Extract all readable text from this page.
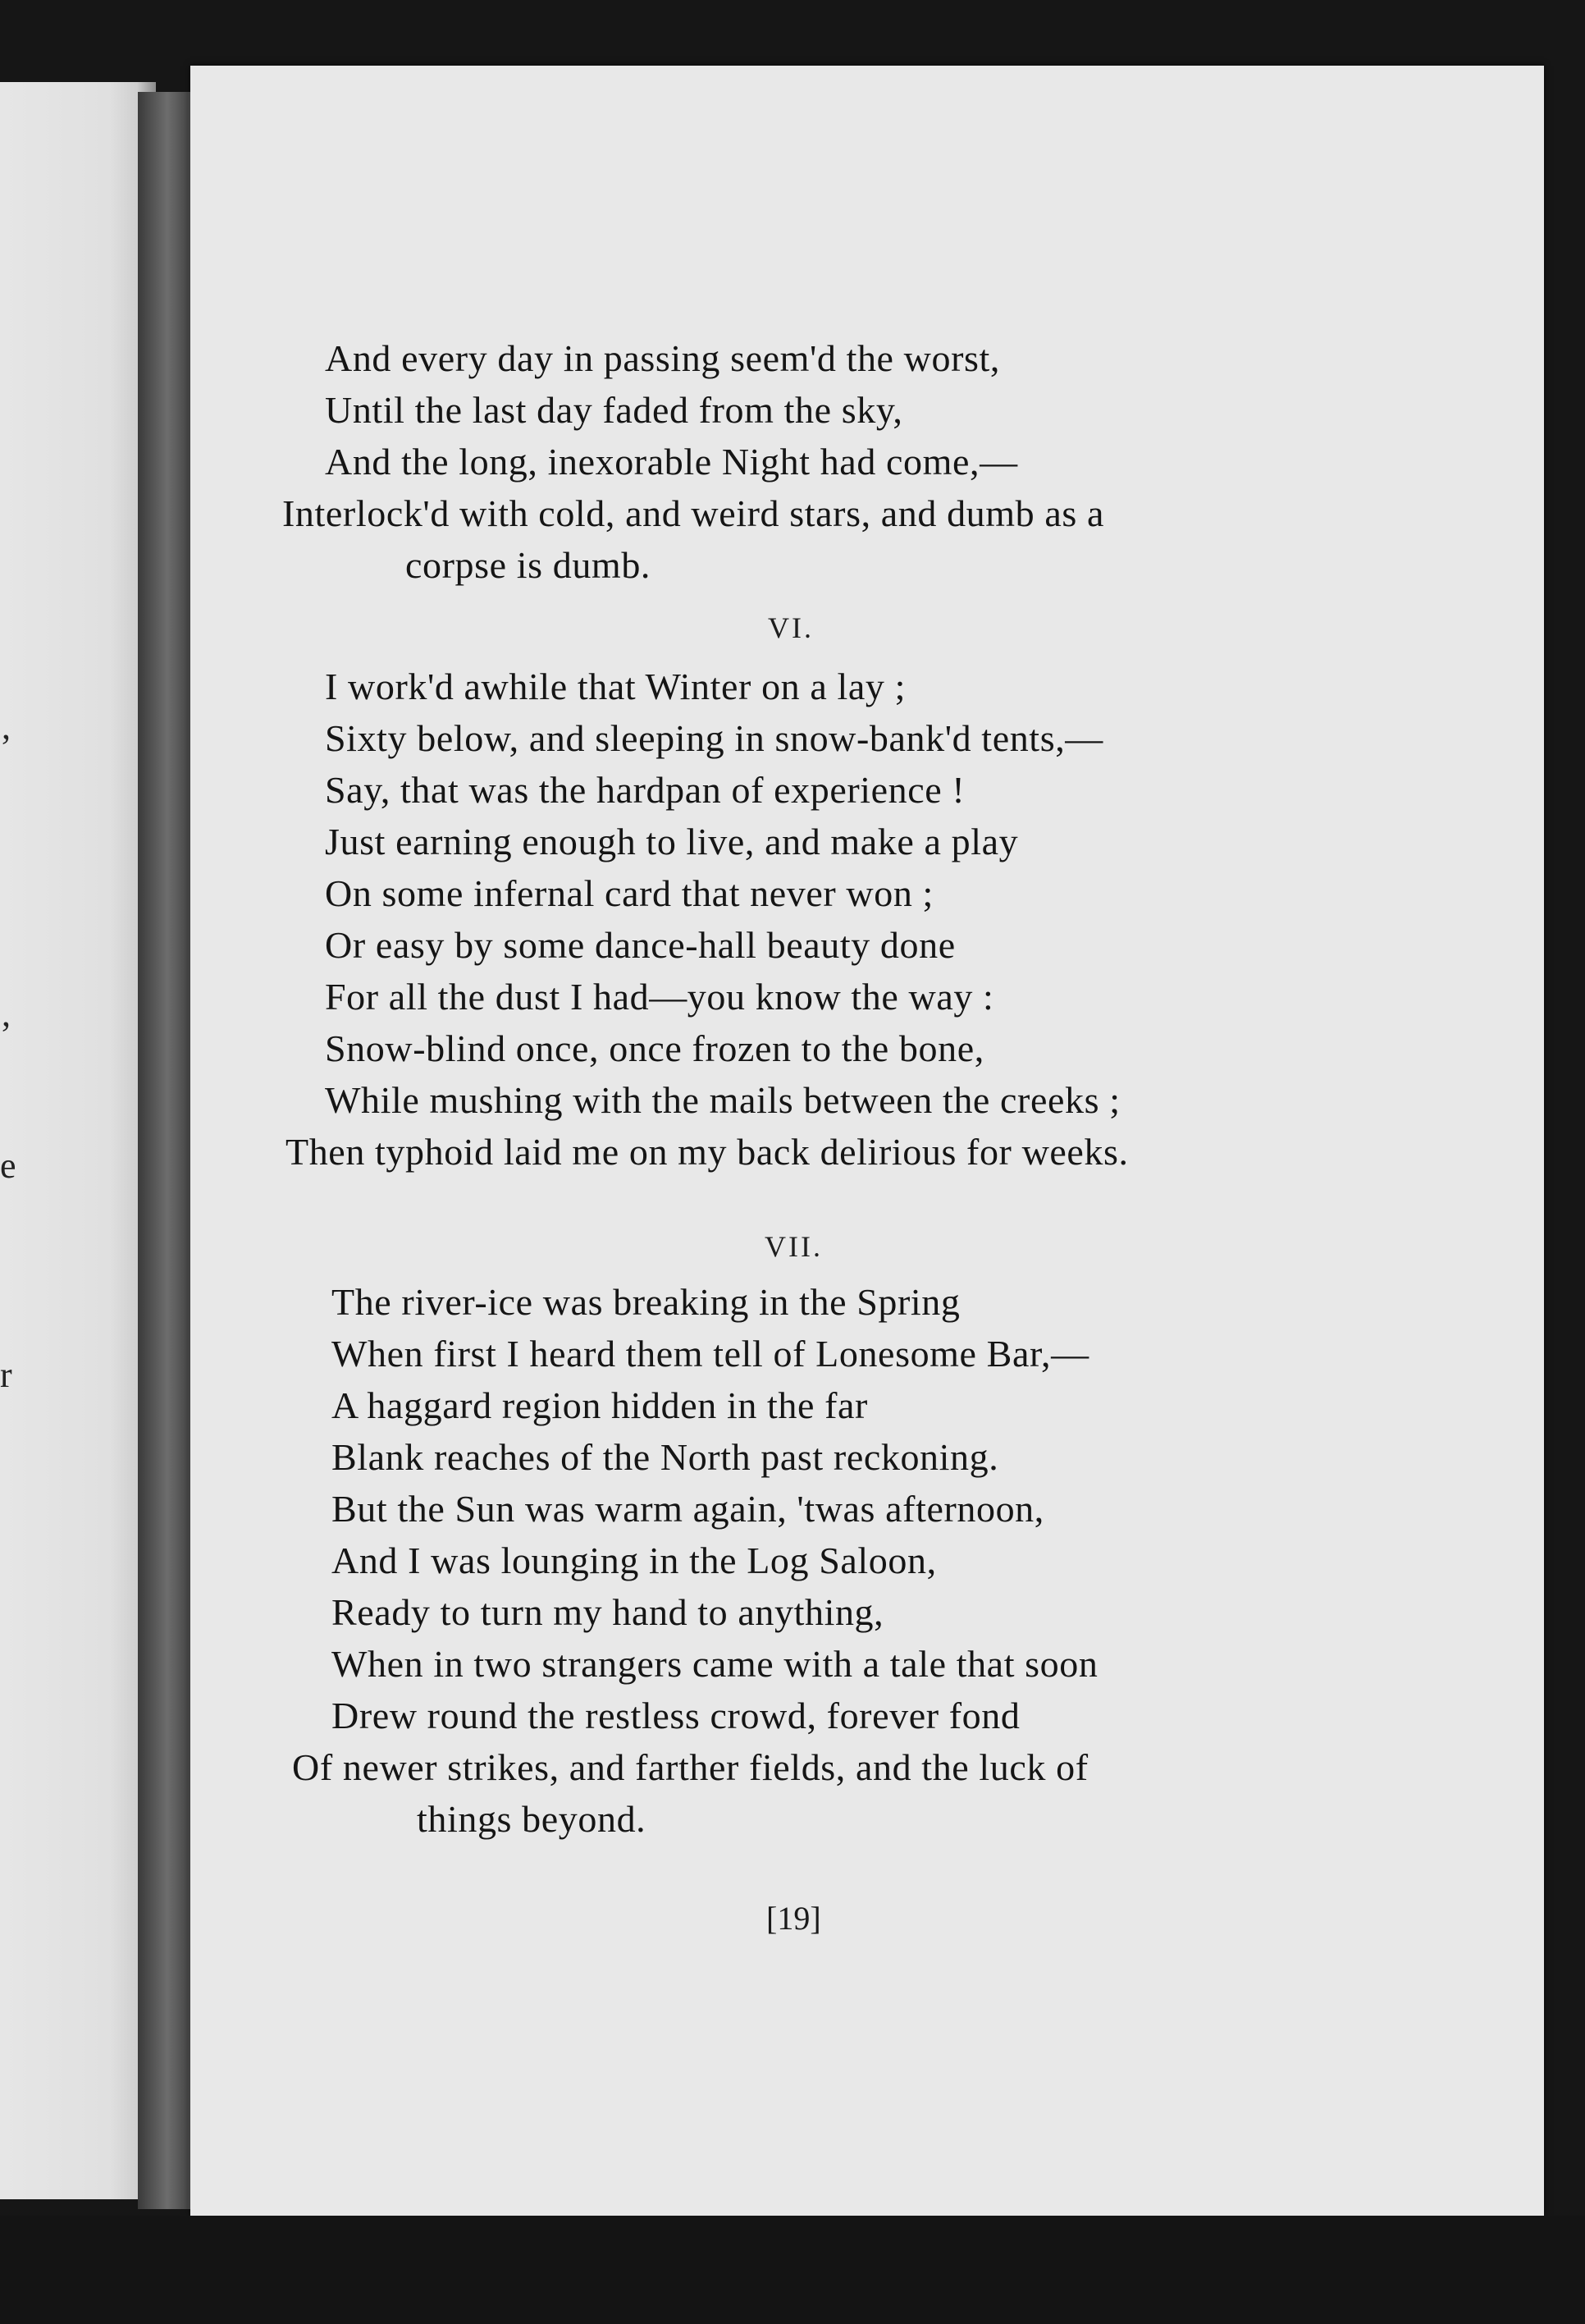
,
,
e
r
And every day in passing seem'd the worst,
Until the last day faded from the sky,
And the long, inexorable Night had come,—
Interlock'd with cold, and weird stars, and dumb as a
corpse is dumb.
VI.
I work'd awhile that Winter on a lay ;
Sixty below, and sleeping in snow-bank'd tents,—
Say, that was the hardpan of experience !
Just earning enough to live, and make a play
On some infernal card that never won ;
Or easy by some dance-hall beauty done
For all the dust I had—you know the way :
Snow-blind once, once frozen to the bone,
While mushing with the mails between the creeks ;
Then typhoid laid me on my back delirious for weeks.
VII.
The river-ice was breaking in the Spring
When first I heard them tell of Lonesome Bar,—
A haggard region hidden in the far
Blank reaches of the North past reckoning.
But the Sun was warm again, 'twas afternoon,
And I was lounging in the Log Saloon,
Ready to turn my hand to anything,
When in two strangers came with a tale that soon
Drew round the restless crowd, forever fond
Of newer strikes, and farther fields, and the luck of
things beyond.
[19]
